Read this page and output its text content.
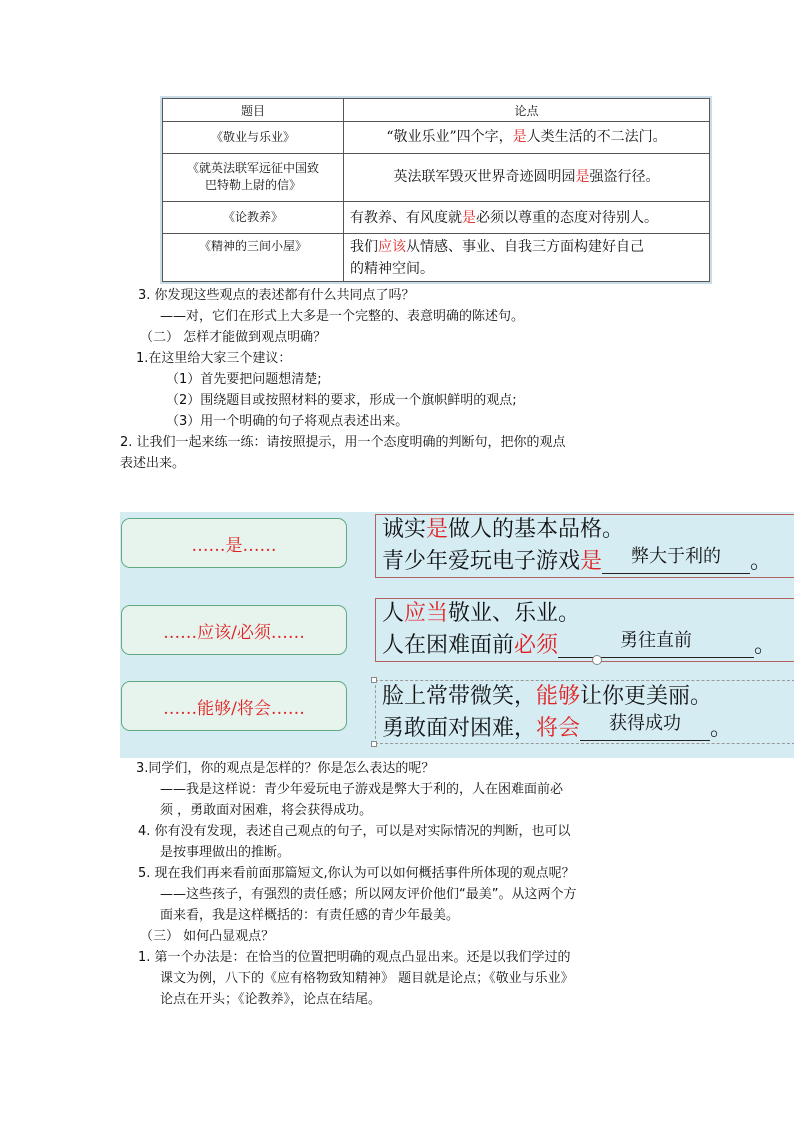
题目	论点
《敬业与乐业》	“敬业乐业”四个字，是人类生活的不二法门。
《就英法联军远征中国致
巴特勒上尉的信》	英法联军毁灭世界奇迹圆明园是强盗行径。
《论教养》	有教养、有风度就是必须以尊重的态度对待别人。
《精神的三间小屋》	我们应该从情感、事业、自我三方面构建好自己
的精神空间。
3. 你发现这些观点的表述都有什么共同点了吗？
——对，它们在形式上大多是一个完整的、表意明确的陈述句。
（二） 怎样才能做到观点明确？
1.在这里给大家三个建议：
（1）首先要把问题想清楚;
（2）围绕题目或按照材料的要求，形成一个旗帜鲜明的观点;
（3）用一个明确的句子将观点表述出来。
2. 让我们一起来练一练：请按照提示，用一个态度明确的判断句，把你的观点
表述出来。
……是……
……应该/必须……
……能够/将会……
诚实是做人的基本品格。
青少年爱玩电子游戏是 $^{弊大于利的}$ 。
人应当敬业、乐业。
人在困难面前必须	$^{勇往直前}$	。
脸上常带微笑，能够让你更美丽。
勇敢面对困难，将会 $^{获得成功}$ 。
3.同学们，你的观点是怎样的？你是怎么表达的呢？
——我是这样说：青少年爱玩电子游戏是弊大于利的，人在困难面前必
须 ，勇敢面对困难，将会获得成功。
4. 你有没有发现，表述自己观点的句子，可以是对实际情况的判断，也可以
是按事理做出的推断。
5. 现在我们再来看前面那篇短文,你认为可以如何概括事件所体现的观点呢？
——这些孩子，有强烈的责任感；所以网友评价他们“最美”。从这两个方
面来看，我是这样概括的：有责任感的青少年最美。
（三） 如何凸显观点？
1. 第一个办法是：在恰当的位置把明确的观点凸显出来。还是以我们学过的
课文为例，八下的《应有格物致知精神》 题目就是论点；《敬业与乐业》
论点在开头；《论教养》，论点在结尾。
